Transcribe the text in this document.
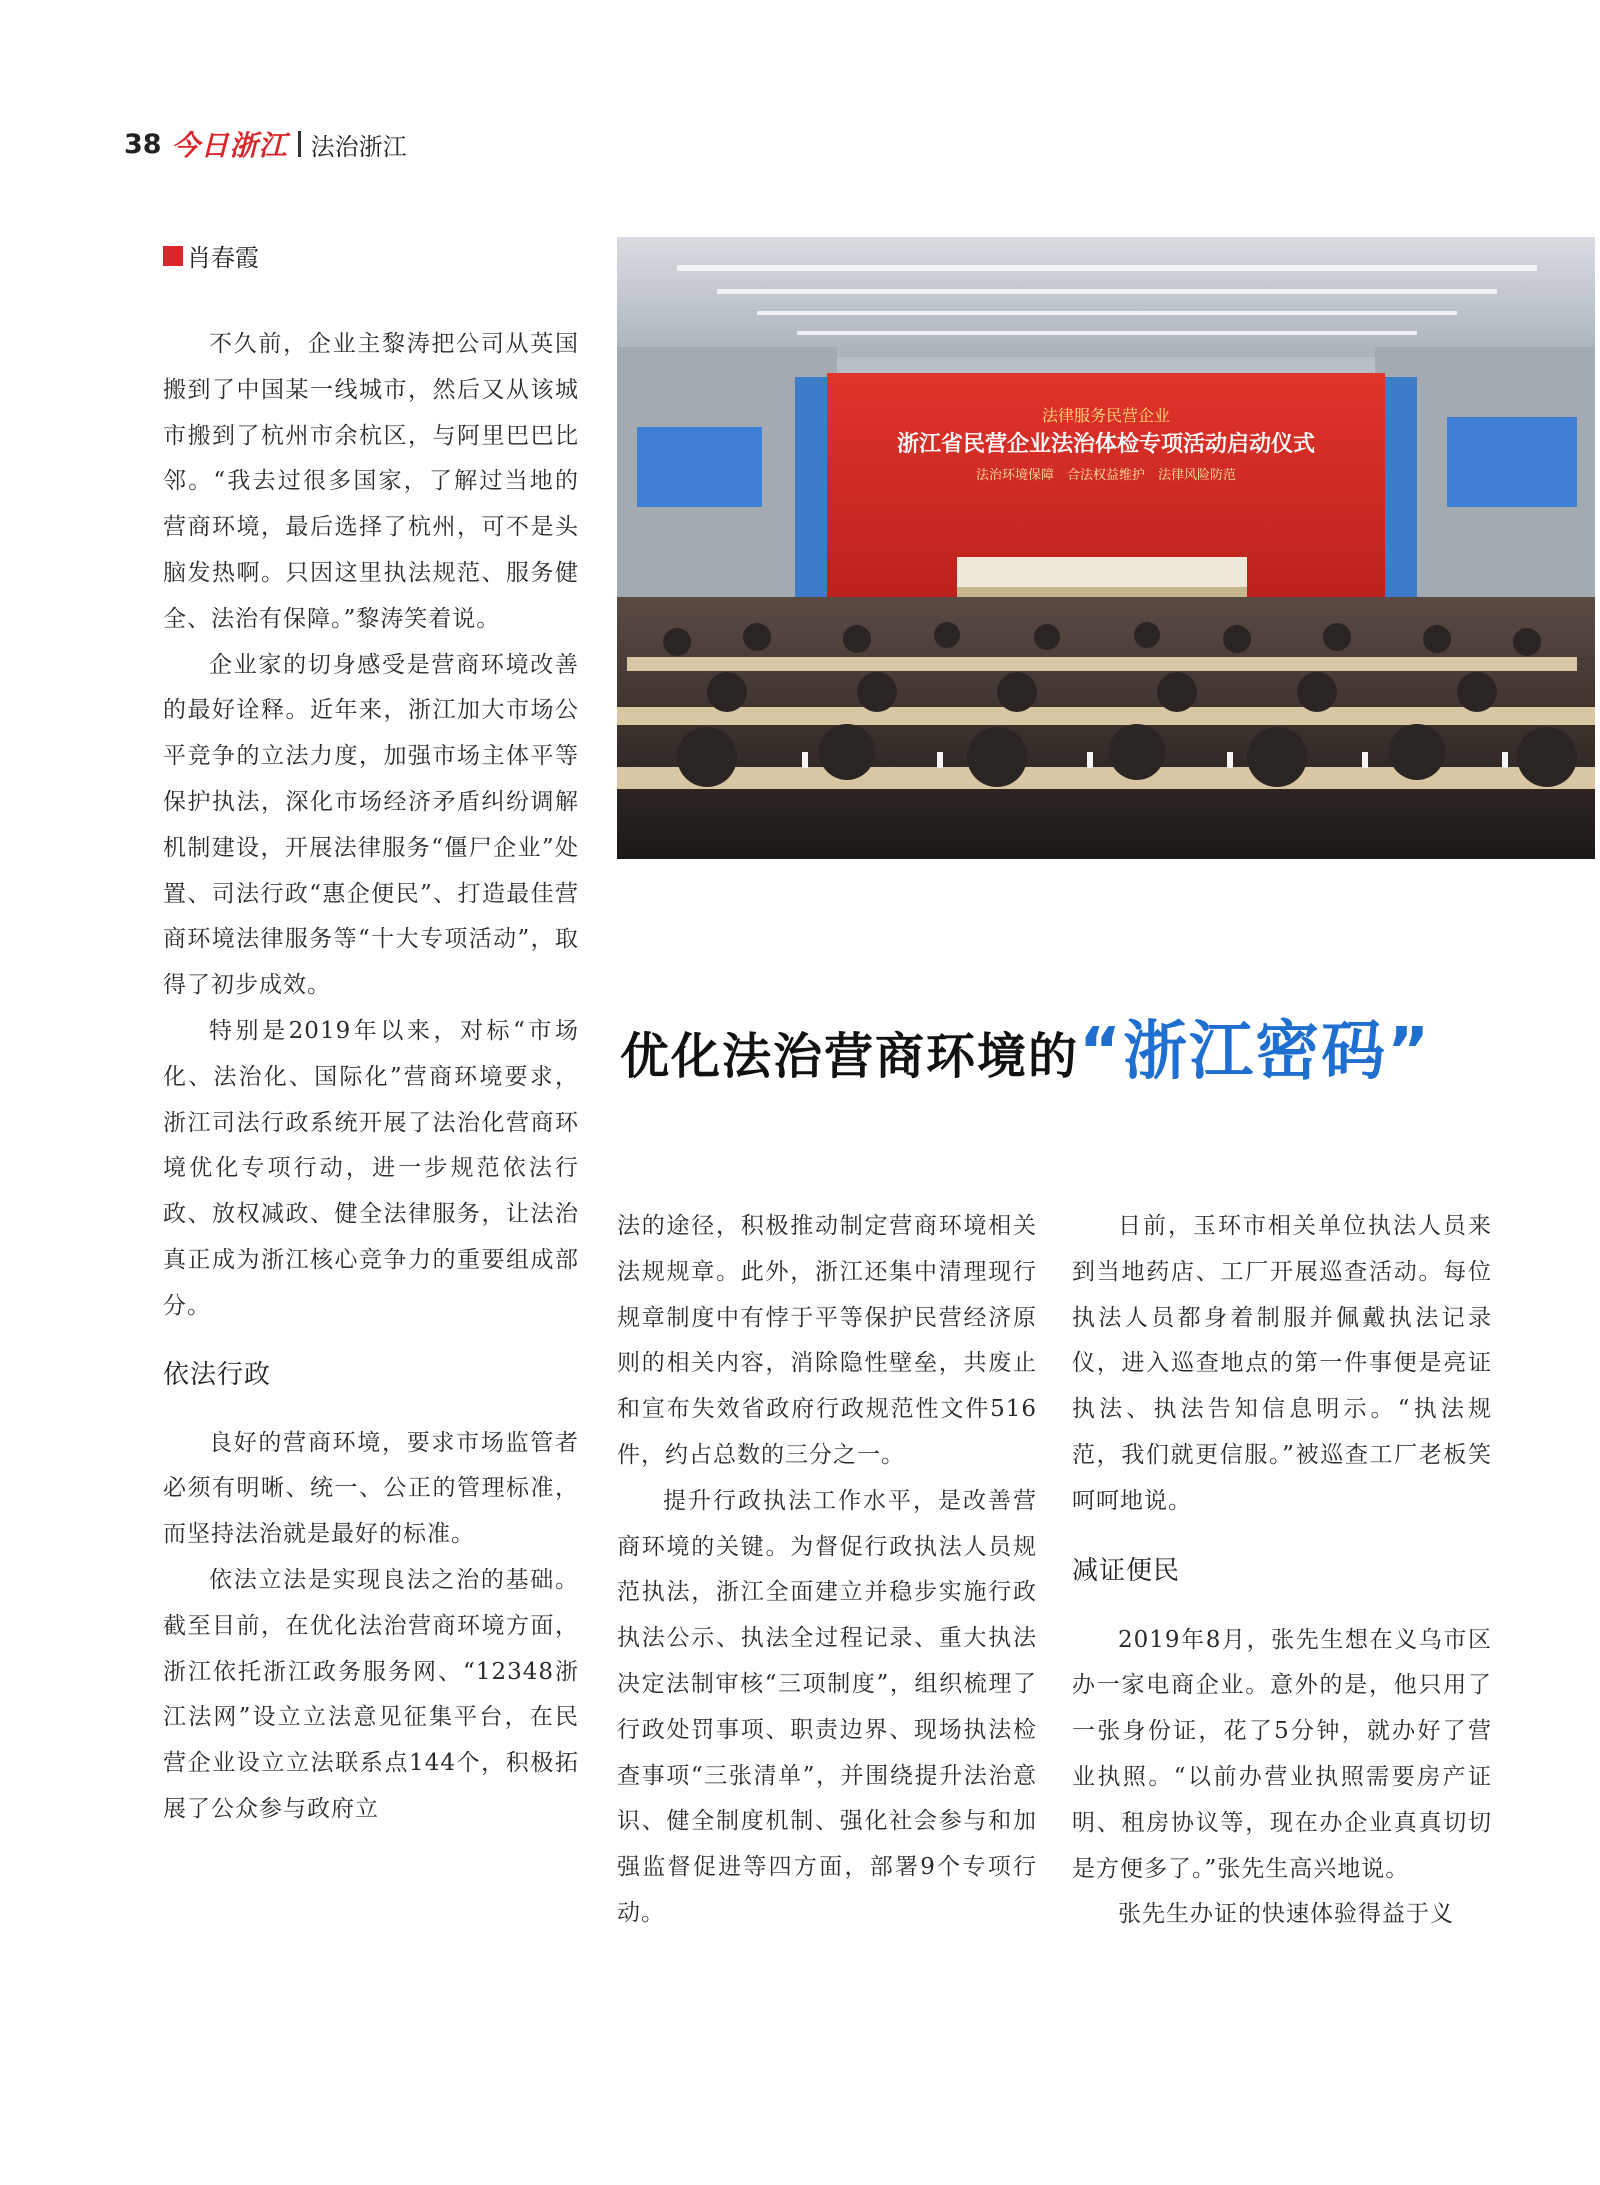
38 今日浙江 法治浙江
肖春霞
法律服务民营企业
浙江省民营企业法治体检专项活动启动仪式
法治环境保障　合法权益维护　法律风险防范
优化法治营商环境的“浙江密码”

不久前，企业主黎涛把公司从英国搬到了中国某一线城市，然后又从该城市搬到了杭州市余杭区，与阿里巴巴比邻。“我去过很多国家，了解过当地的营商环境，最后选择了杭州，可不是头脑发热啊。只因这里执法规范、服务健全、法治有保障。”黎涛笑着说。

企业家的切身感受是营商环境改善的最好诠释。近年来，浙江加大市场公平竞争的立法力度，加强市场主体平等保护执法，深化市场经济矛盾纠纷调解机制建设，开展法律服务“僵尸企业”处置、司法行政“惠企便民”、打造最佳营商环境法律服务等“十大专项活动”，取得了初步成效。

特别是2019年以来，对标“市场化、法治化、国际化”营商环境要求，浙江司法行政系统开展了法治化营商环境优化专项行动，进一步规范依法行政、放权减政、健全法律服务，让法治真正成为浙江核心竞争力的重要组成部分。

依法行政

良好的营商环境，要求市场监管者必须有明晰、统一、公正的管理标准，而坚持法治就是最好的标准。

依法立法是实现良法之治的基础。截至目前，在优化法治营商环境方面，浙江依托浙江政务服务网、“12348浙江法网”设立立法意见征集平台，在民营企业设立立法联系点144个，积极拓展了公众参与政府立

法的途径，积极推动制定营商环境相关法规规章。此外，浙江还集中清理现行规章制度中有悖于平等保护民营经济原则的相关内容，消除隐性壁垒，共废止和宣布失效省政府行政规范性文件516件，约占总数的三分之一。

提升行政执法工作水平，是改善营商环境的关键。为督促行政执法人员规范执法，浙江全面建立并稳步实施行政执法公示、执法全过程记录、重大执法决定法制审核“三项制度”，组织梳理了行政处罚事项、职责边界、现场执法检查事项“三张清单”，并围绕提升法治意识、健全制度机制、强化社会参与和加强监督促进等四方面，部署9个专项行动。

日前，玉环市相关单位执法人员来到当地药店、工厂开展巡查活动。每位执法人员都身着制服并佩戴执法记录仪，进入巡查地点的第一件事便是亮证执法、执法告知信息明示。“执法规范，我们就更信服。”被巡查工厂老板笑呵呵地说。

减证便民

2019年8月，张先生想在义乌市区办一家电商企业。意外的是，他只用了一张身份证，花了5分钟，就办好了营业执照。“以前办营业执照需要房产证明、租房协议等，现在办企业真真切切是方便多了。”张先生高兴地说。

张先生办证的快速体验得益于义
